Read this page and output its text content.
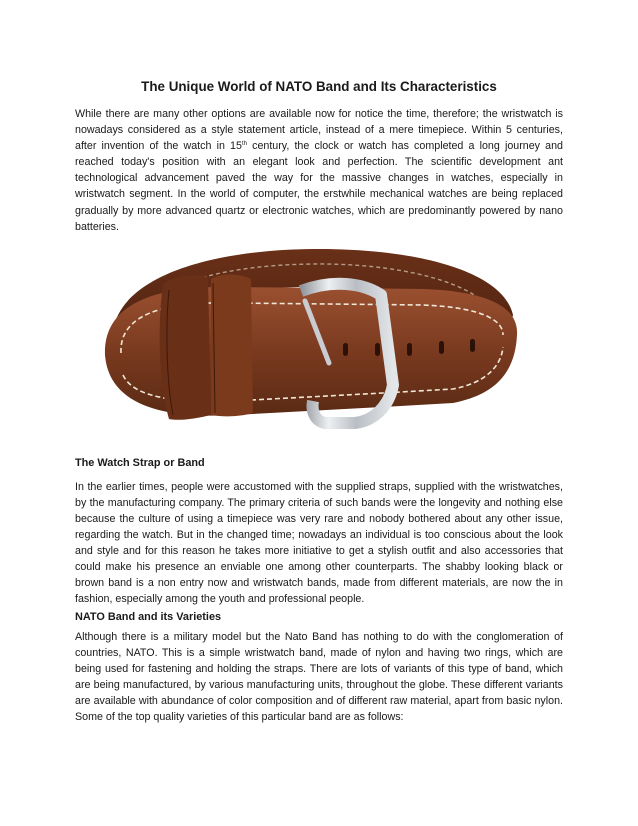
The Unique World of NATO Band and Its Characteristics

While there are many other options are available now for notice the time, therefore; the wristwatch is nowadays considered as a style statement article, instead of a mere timepiece. Within 5 centuries, after invention of the watch in 15th century, the clock or watch has completed a long journey and reached today's position with an elegant look and perfection. The scientific development ant technological advancement paved the way for the massive changes in watches, especially in wristwatch segment. In the world of computer, the erstwhile mechanical watches are being replaced gradually by more advanced quartz or electronic watches, which are predominantly powered by nano batteries.

The Watch Strap or Band

In the earlier times, people were accustomed with the supplied straps, supplied with the wristwatches, by the manufacturing company. The primary criteria of such bands were the longevity and nothing else because the culture of using a timepiece was very rare and nobody bothered about any other issue, regarding the watch. But in the changed time; nowadays an individual is too conscious about the look and style and for this reason he takes more initiative to get a stylish outfit and also accessories that could make his presence an enviable one among other counterparts. The shabby looking black or brown band is a non entry now and wristwatch bands, made from different materials, are now the in fashion, especially among the youth and professional people.

NATO Band and its Varieties

Although there is a military model but the Nato Band has nothing to do with the conglomeration of countries, NATO. This is a simple wristwatch band, made of nylon and having two rings, which are being used for fastening and holding the straps. There are lots of variants of this type of band, which are being manufactured, by various manufacturing units, throughout the globe. These different variants are available with abundance of color composition and of different raw material, apart from basic nylon. Some of the top quality varieties of this particular band are as follows:
